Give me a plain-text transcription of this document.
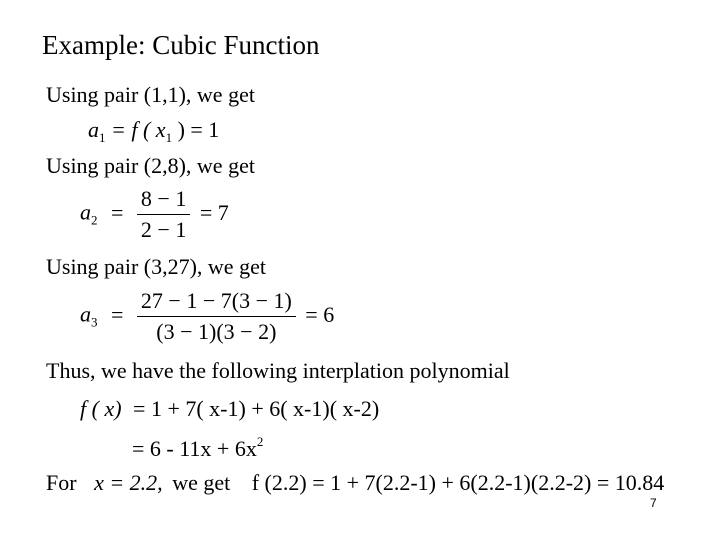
Example: Cubic Function
Using pair (1,1), we get
$a_1 = f$ ( $x_1$ ) = 1
Using pair (2,8), we get
$a_2 = \frac{8 - 1}{2 - 1} = 7$
Using pair (3,27), we get
$a_3 = \frac{27 - 1 - 7(3 - 1)}{(3 - 1)(3 - 2)} = 6$
Thus, we have the following interplation polynomial
f ( x) = 1 + 7( x-1) + 6( x-1)( x-2)
= $6 - 11x + 6x^2$
For x = 2.2, we get f (2.2) = 1 + 7(2.2-1) + 6(2.2-1)(2.2-2) = 10.84
7
